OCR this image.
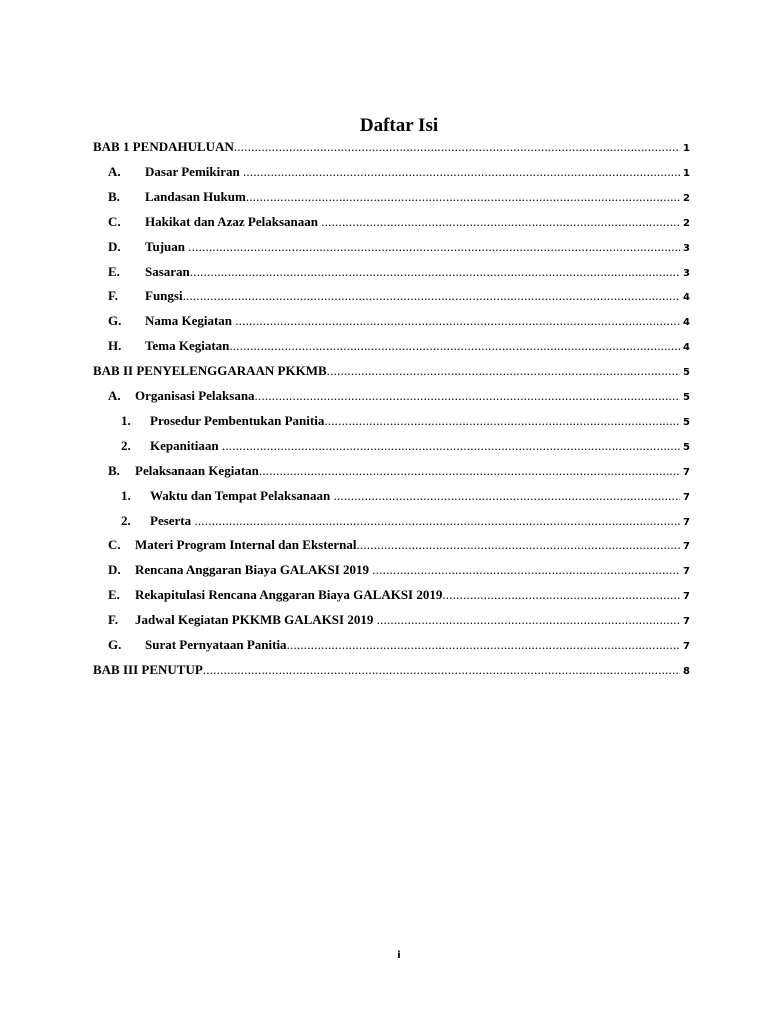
Daftar Isi
BAB 1 PENDAHULUAN .....	1
A.	Dasar Pemikiran .....	1
B.	Landasan Hukum .....	2
C.	Hakikat dan Azaz Pelaksanaan .....	2
D.	Tujuan .....	3
E.	Sasaran .....	3
F.	Fungsi .....	4
G.	Nama Kegiatan .....	4
H.	Tema Kegiatan .....	4
BAB II PENYELENGGARAAN PKKMB .....	5
A.	Organisasi Pelaksana .....	5
1.	Prosedur Pembentukan Panitia .....	5
2.	Kepanitiaan .....	5
B.	Pelaksanaan Kegiatan .....	7
1.	Waktu dan Tempat Pelaksanaan .....	7
2.	Peserta .....	7
C.	Materi Program Internal dan Eksternal .....	7
D.	Rencana Anggaran Biaya GALAKSI 2019 .....	7
E.	Rekapitulasi Rencana Anggaran Biaya GALAKSI 2019 .....	7
F.	Jadwal Kegiatan PKKMB GALAKSI 2019 .....	7
G.	Surat Pernyataan Panitia .....	7
BAB III PENUTUP .....	8
i
